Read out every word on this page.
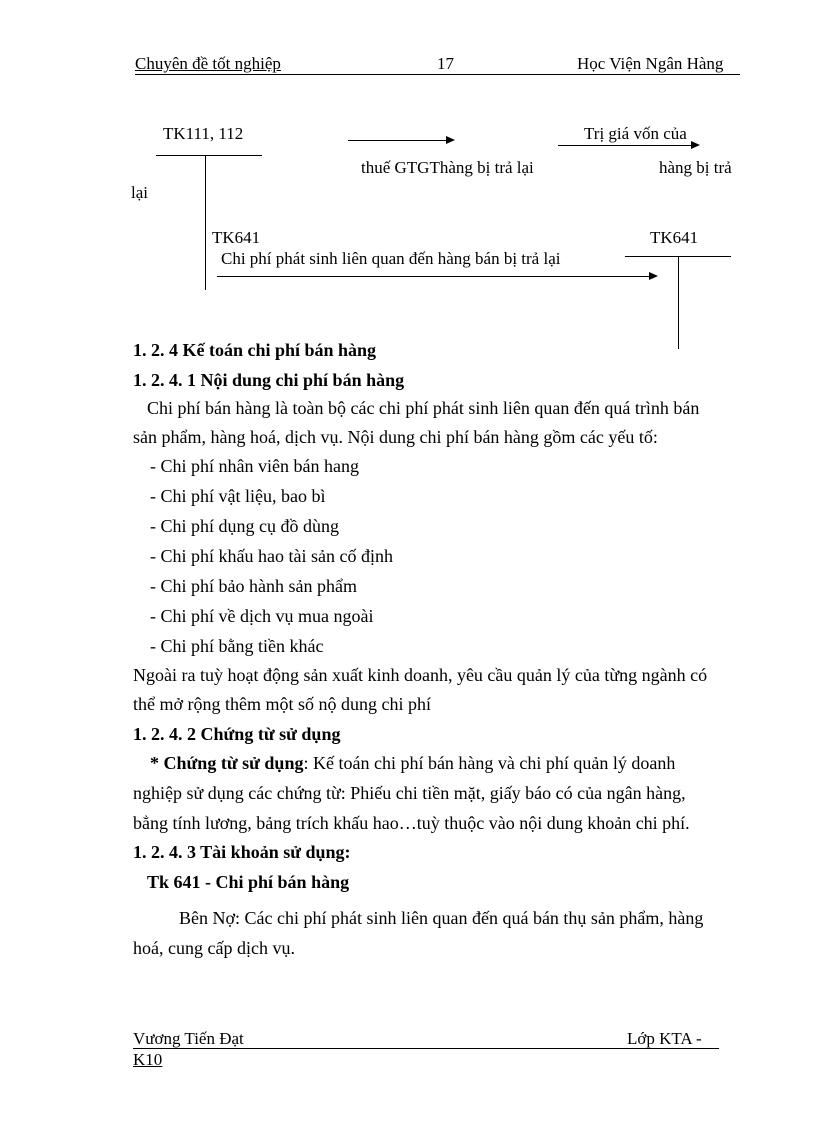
Chuyên đề tốt nghiệp	17	Học Viện Ngân Hàng
TK111, 112	Trị giá vốn của
thuế GTGThàng bị trả lại	hàng bị trả
lại
TK641	TK641
Chi phí phát sinh liên quan đến hàng bán bị trả lại
1. 2. 4 Kế toán chi phí bán hàng
1. 2. 4. 1 Nội dung chi phí bán hàng
Chi phí bán hàng là toàn bộ các chi phí phát sinh liên quan đến quá trình bán
sản phẩm, hàng hoá, dịch vụ. Nội dung chi phí bán hàng gồm các yếu tố:
- Chi phí nhân viên bán hang
- Chi phí vật liệu, bao bì
- Chi phí dụng cụ đồ dùng
- Chi phí khấu hao tài sản cố định
- Chi phí bảo hành sản phẩm
- Chi phí về dịch vụ mua ngoài
- Chi phí bằng tiền khác
Ngoài ra tuỳ hoạt động sản xuất kinh doanh, yêu cầu quản lý của từng ngành có
thể mở rộng thêm một số nộ dung chi phí
1. 2. 4. 2 Chứng từ sử dụng
* Chứng từ sử dụng: Kế toán chi phí bán hàng và chi phí quản lý doanh
nghiệp sử dụng các chứng từ: Phiếu chi tiền mặt, giấy báo có của ngân hàng,
bẳng tính lương, bảng trích khấu hao…tuỳ thuộc vào nội dung khoản chi phí.
1. 2. 4. 3 Tài khoản sử dụng:
Tk 641 - Chi phí bán hàng
Bên Nợ: Các chi phí phát sinh liên quan đến quá bán thụ sản phẩm, hàng
hoá, cung cấp dịch vụ.
Vương Tiến Đạt	Lớp KTA -
K10
